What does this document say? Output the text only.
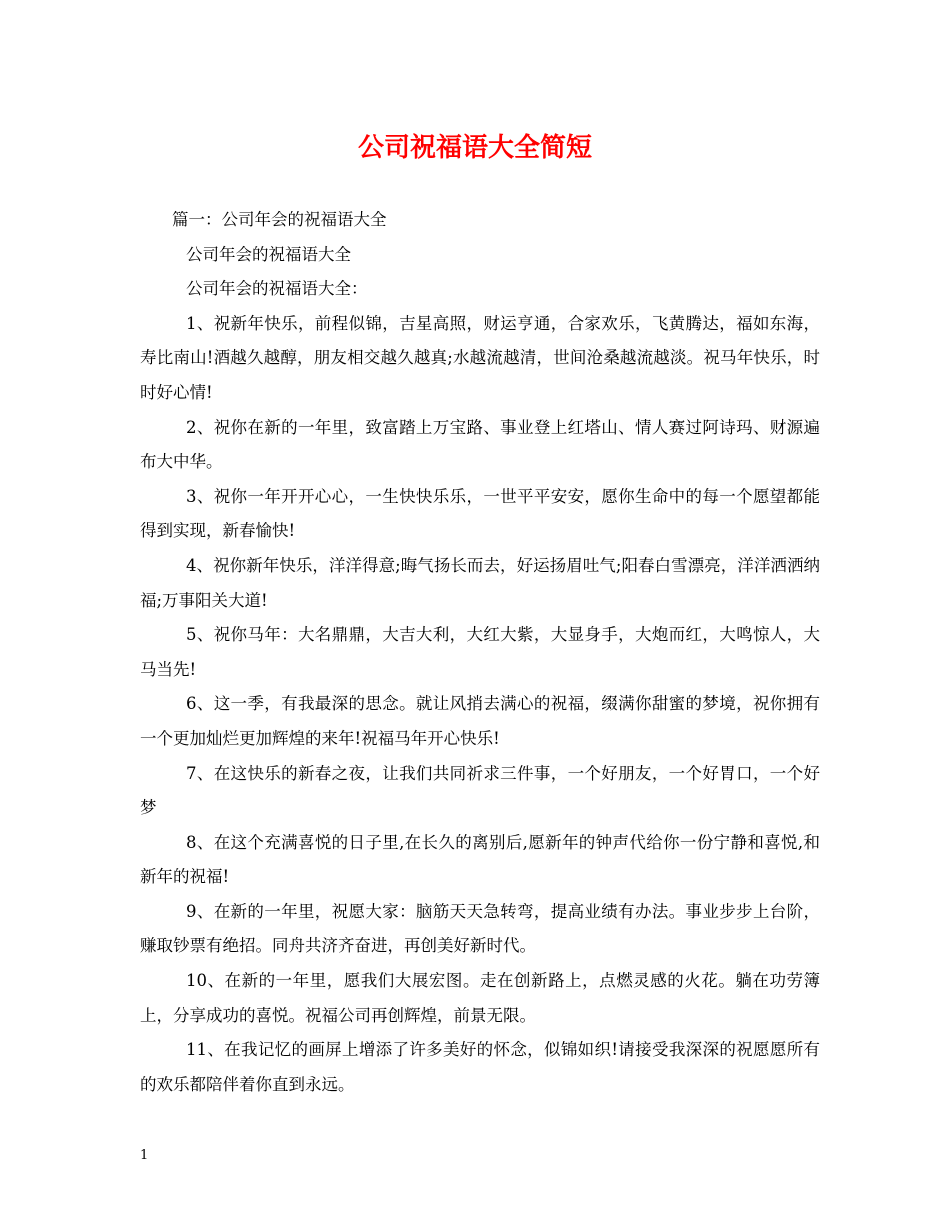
公司祝福语大全简短

篇一：公司年会的祝福语大全

公司年会的祝福语大全

公司年会的祝福语大全：

1、祝新年快乐，前程似锦，吉星高照，财运亨通，合家欢乐，飞黄腾达，福如东海，寿比南山!酒越久越醇，朋友相交越久越真;水越流越清，世间沧桑越流越淡。祝马年快乐，时时好心情!

2、祝你在新的一年里，致富踏上万宝路、事业登上红塔山、情人赛过阿诗玛、财源遍布大中华。

3、祝你一年开开心心，一生快快乐乐，一世平平安安，愿你生命中的每一个愿望都能得到实现，新春愉快!

4、祝你新年快乐，洋洋得意;晦气扬长而去，好运扬眉吐气;阳春白雪漂亮，洋洋洒洒纳福;万事阳关大道!

5、祝你马年：大名鼎鼎，大吉大利，大红大紫，大显身手，大炮而红，大鸣惊人，大马当先!

6、这一季，有我最深的思念。就让风捎去满心的祝福，缀满你甜蜜的梦境，祝你拥有一个更加灿烂更加辉煌的来年!祝福马年开心快乐!

7、在这快乐的新春之夜，让我们共同祈求三件事，一个好朋友，一个好胃口，一个好梦

8、在这个充满喜悦的日子里,在长久的离别后,愿新年的钟声代给你一份宁静和喜悦,和新年的祝福!

9、在新的一年里，祝愿大家：脑筋天天急转弯，提高业绩有办法。事业步步上台阶，赚取钞票有绝招。同舟共济齐奋进，再创美好新时代。

10、在新的一年里，愿我们大展宏图。走在创新路上，点燃灵感的火花。躺在功劳簿上，分享成功的喜悦。祝福公司再创辉煌，前景无限。

11、在我记忆的画屏上增添了许多美好的怀念，似锦如织!请接受我深深的祝愿愿所有的欢乐都陪伴着你直到永远。

1
